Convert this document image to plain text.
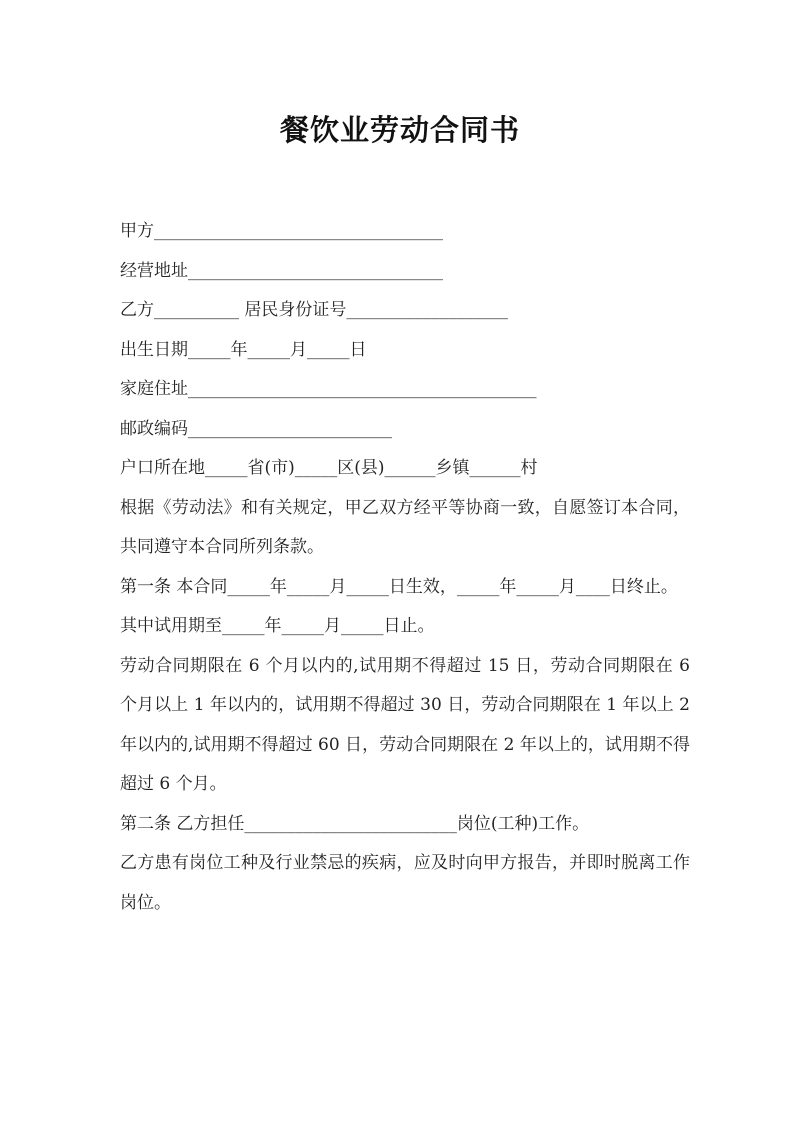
餐饮业劳动合同书
甲方__________________________________
经营地址______________________________
乙方__________ 居民身份证号___________________
出生日期_____年_____月_____日
家庭住址_________________________________________
邮政编码________________________
户口所在地_____省(市)_____区(县)______乡镇______村
根据《劳动法》和有关规定，甲乙双方经平等协商一致，自愿签订本合同，共同遵守本合同所列条款。
第一条 本合同_____年_____月_____日生效，_____年_____月____日终止。
其中试用期至_____年_____月_____日止。
劳动合同期限在 6 个月以内的,试用期不得超过 15 日，劳动合同期限在 6 个月以上 1 年以内的，试用期不得超过 30 日，劳动合同期限在 1 年以上 2 年以内的,试用期不得超过 60 日，劳动合同期限在 2 年以上的，试用期不得超过 6 个月。
第二条 乙方担任_________________________岗位(工种)工作。
乙方患有岗位工种及行业禁忌的疾病，应及时向甲方报告，并即时脱离工作岗位。
